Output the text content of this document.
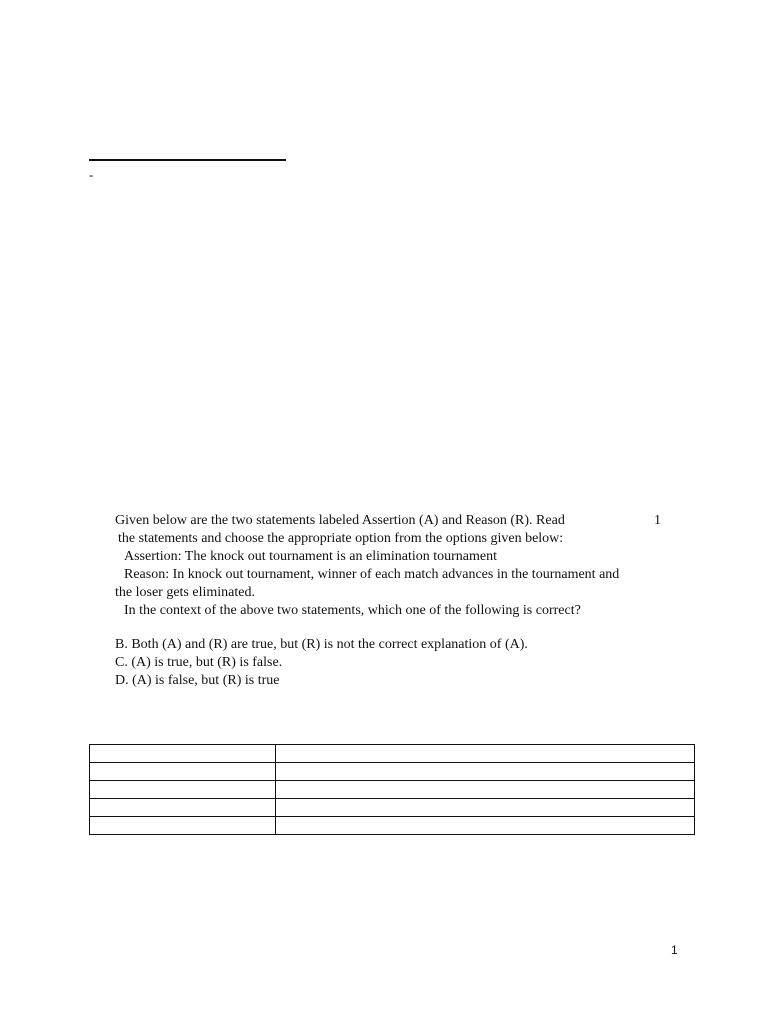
-
Given below are the two statements labeled Assertion (A) and Reason (R). Read
the statements and choose the appropriate option from the options given below:
Assertion: The knock out tournament is an elimination tournament
Reason: In knock out tournament, winner of each match advances in the tournament and
the loser gets eliminated.
In the context of the above two statements, which one of the following is correct?
B. Both (A) and (R) are true, but (R) is not the correct explanation of (A).
C. (A) is true, but (R) is false.
D. (A) is false, but (R) is true
1

1
